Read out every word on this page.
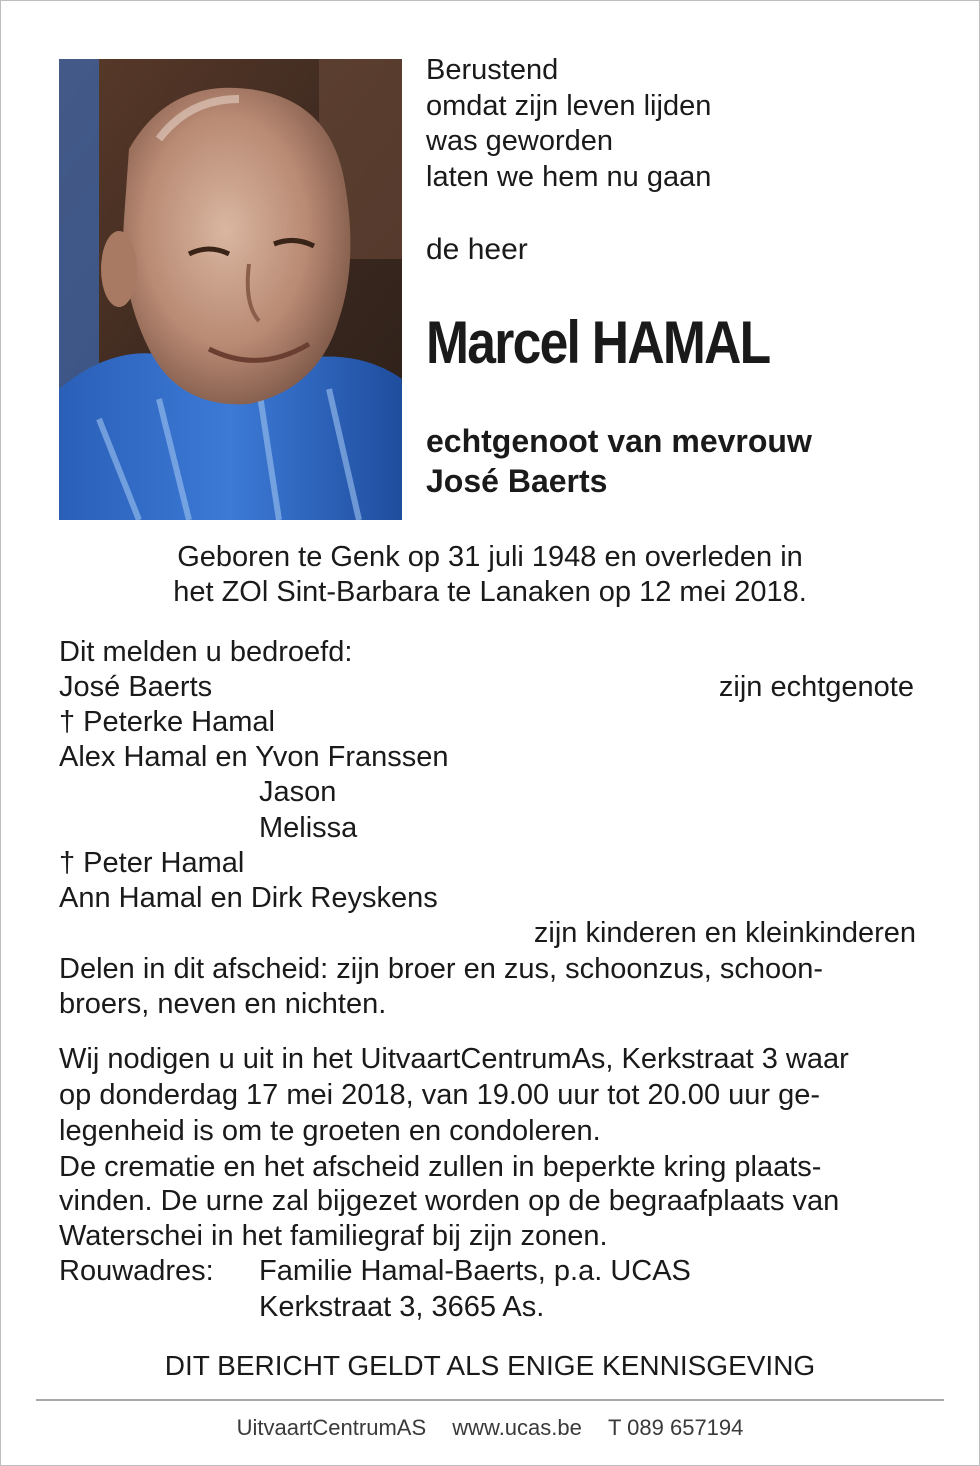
Berustend
omdat zijn leven lijden
was geworden
laten we hem nu gaan
de heer
Marcel HAMAL
echtgenoot van mevrouw
José Baerts
Geboren te Genk op 31 juli 1948 en overleden in
het ZOl Sint-Barbara te Lanaken op 12 mei 2018.
Dit melden u bedroefd:
José Baerts	zijn echtgenote
† Peterke Hamal
Alex Hamal en Yvon Franssen
Jason
Melissa
† Peter Hamal
Ann Hamal en Dirk Reyskens
zijn kinderen en kleinkinderen
Delen in dit afscheid: zijn broer en zus, schoonzus, schoon-
broers, neven en nichten.
Wij nodigen u uit in het UitvaartCentrumAs, Kerkstraat 3 waar
op donderdag 17 mei 2018, van 19.00 uur tot 20.00 uur ge-
legenheid is om te groeten en condoleren.
De crematie en het afscheid zullen in beperkte kring plaats-
vinden. De urne zal bijgezet worden op de begraafplaats van
Waterschei in het familiegraf bij zijn zonen.
Rouwadres: Familie Hamal-Baerts, p.a. UCAS
Kerkstraat 3, 3665 As.
DIT BERICHT GELDT ALS ENIGE KENNISGEVING
UitvaartCentrumAS www.ucas.be T 089 657194
